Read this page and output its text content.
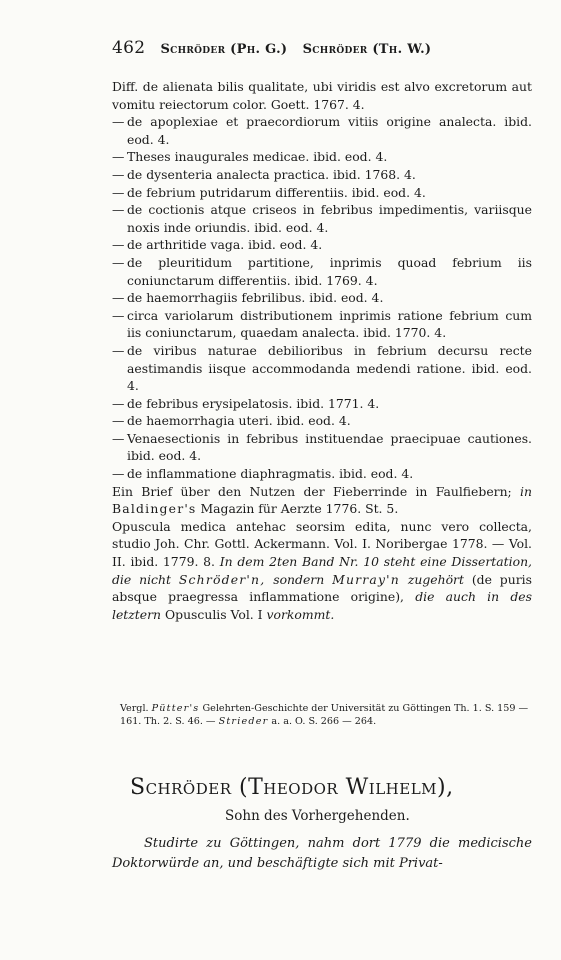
462 Schröder (Ph. G.) Schröder (Th. W.)

Diff. de alienata bilis qualitate, ubi viridis est alvo excretorum aut vomitu reiectorum color. Goett. 1767. 4.

— de apoplexiae et praecordiorum vitiis origine analecta. ibid. eod. 4.

— Theses inaugurales medicae. ibid. eod. 4.

— de dysenteria analecta practica. ibid. 1768. 4.

— de febrium putridarum differentiis. ibid. eod. 4.

— de coctionis atque criseos in febribus impedimentis, variisque noxis inde oriundis. ibid. eod. 4.

— de arthritide vaga. ibid. eod. 4.

— de pleuritidum partitione, inprimis quoad febrium iis coniunctarum differentiis. ibid. 1769. 4.

— de haemorrhagiis febrilibus. ibid. eod. 4.

— circa variolarum distributionem inprimis ratione febrium cum iis coniunctarum, quaedam analecta. ibid. 1770. 4.

— de viribus naturae debilioribus in febrium decursu recte aestimandis iisque accommodanda medendi ratione. ibid. eod. 4.

— de febribus erysipelatosis. ibid. 1771. 4.

— de haemorrhagia uteri. ibid. eod. 4.

— Venaesectionis in febribus instituendae praecipuae cautiones. ibid. eod. 4.

— de inflammatione diaphragmatis. ibid. eod. 4.

Ein Brief über den Nutzen der Fieberrinde in Faulfiebern; in Baldinger's Magazin für Aerzte 1776. St. 5.

Opuscula medica antehac seorsim edita, nunc vero collecta, studio Joh. Chr. Gottl. Ackermann. Vol. I. Noribergae 1778. — Vol. II. ibid. 1779. 8. In dem 2ten Band Nr. 10 steht eine Dissertation, die nicht Schröder'n, sondern Murray'n zugehört (de puris absque praegressa inflammatione origine), die auch in des letztern Opusculis Vol. I vorkommt.

Vergl. Pütter's Gelehrten-Geschichte der Universität zu Göttingen Th. 1. S. 159 — 161. Th. 2. S. 46. — Strieder a. a. O. S. 266 — 264.
Schröder (Theodor Wilhelm),
Sohn des Vorhergehenden.
Studirte zu Göttingen, nahm dort 1779 die medicische Doktorwürde an, und beschäftigte sich mit Privat-
